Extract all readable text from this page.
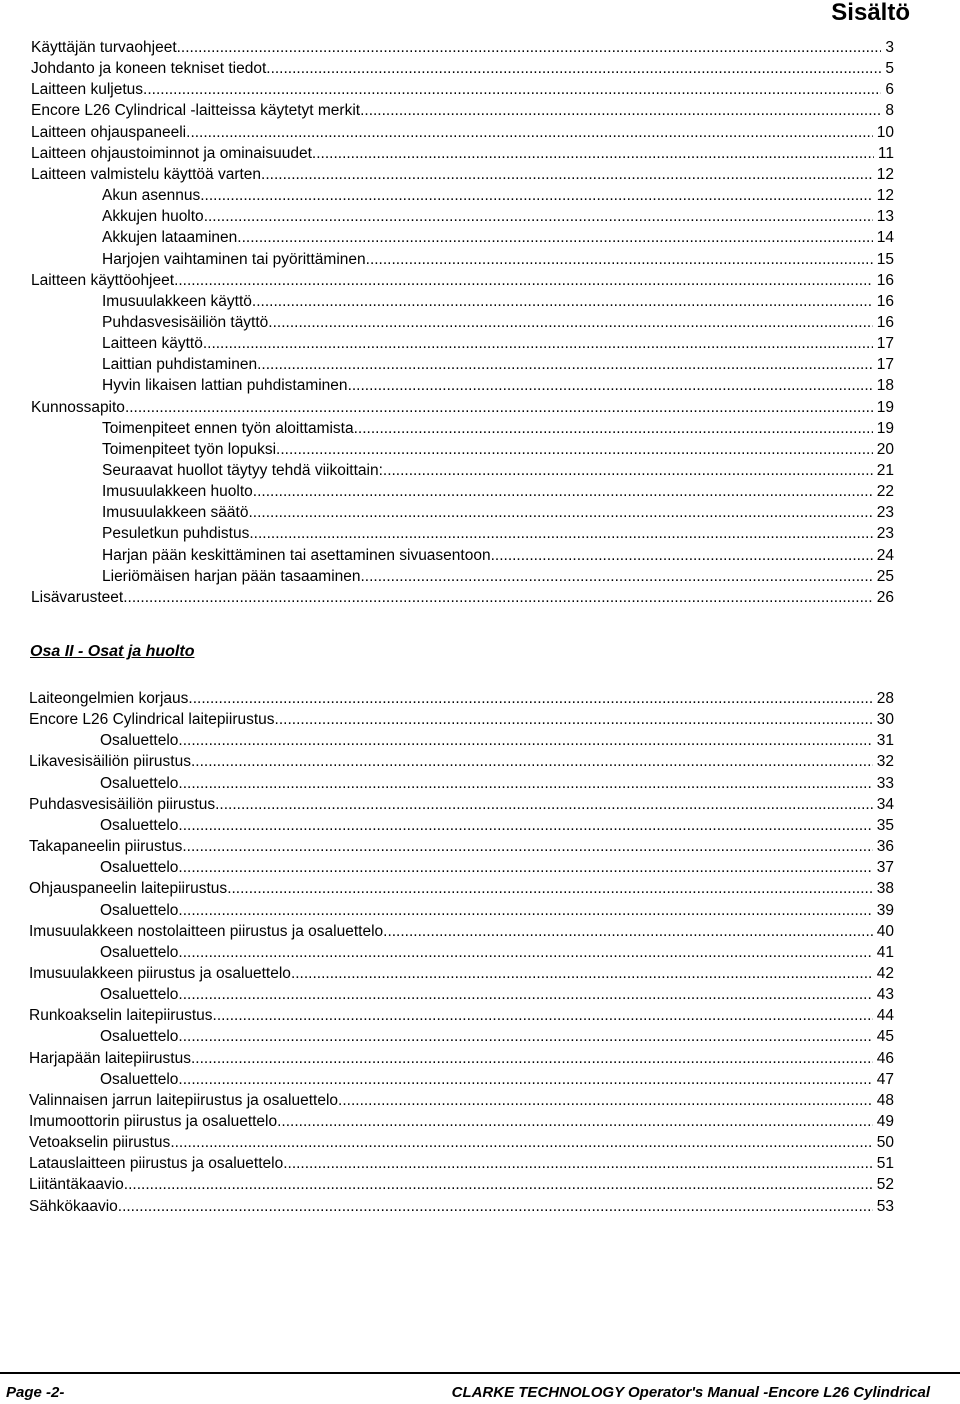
Sisältö
Käyttäjän turvaohjeet .....	3
Johdanto ja koneen tekniset tiedot .....	5
Laitteen kuljetus .....	6
Encore L26 Cylindrical -laitteissa käytetyt merkit .....	8
Laitteen ohjauspaneeli .....	10
Laitteen ohjaustoiminnot ja ominaisuudet .....	11
Laitteen valmistelu käyttöä varten .....	12
Akun asennus .....	12
Akkujen huolto .....	13
Akkujen lataaminen .....	14
Harjojen vaihtaminen tai pyörittäminen .....	15
Laitteen käyttöohjeet .....	16
Imusuulakkeen käyttö .....	16
Puhdasvesisäiliön täyttö .....	16
Laitteen käyttö .....	17
Laittian puhdistaminen .....	17
Hyvin likaisen lattian puhdistaminen .....	18
Kunnossapito .....	19
Toimenpiteet ennen työn aloittamista .....	19
Toimenpiteet työn lopuksi .....	20
Seuraavat huollot täytyy tehdä viikoittain: .....	21
Imusuulakkeen huolto .....	22
Imusuulakkeen säätö .....	23
Pesuletkun puhdistus .....	23
Harjan pään keskittäminen tai asettaminen sivuasentoon .....	24
Lieriömäisen harjan pään tasaaminen .....	25
Lisävarusteet .....	26
Osa II - Osat ja huolto
Laiteongelmien korjaus .....	28
Encore L26 Cylindrical laitepiirustus .....	30
Osaluettelo .....	31
Likavesisäiliön piirustus .....	32
Osaluettelo .....	33
Puhdasvesisäiliön piirustus .....	34
Osaluettelo .....	35
Takapaneelin piirustus .....	36
Osaluettelo .....	37
Ohjauspaneelin laitepiirustus .....	38
Osaluettelo .....	39
Imusuulakkeen nostolaitteen piirustus ja osaluettelo .....	40
Osaluettelo .....	41
Imusuulakkeen piirustus ja osaluettelo .....	42
Osaluettelo .....	43
Runkoakselin laitepiirustus .....	44
Osaluettelo .....	45
Harjapään laitepiirustus .....	46
Osaluettelo .....	47
Valinnaisen jarrun laitepiirustus ja osaluettelo .....	48
Imumoottorin piirustus ja osaluettelo .....	49
Vetoakselin piirustus .....	50
Latauslaitteen piirustus ja osaluettelo .....	51
Liitäntäkaavio .....	52
Sähkökaavio .....	53
Page -2-	CLARKE TECHNOLOGY Operator's Manual -Encore L26 Cylindrical
